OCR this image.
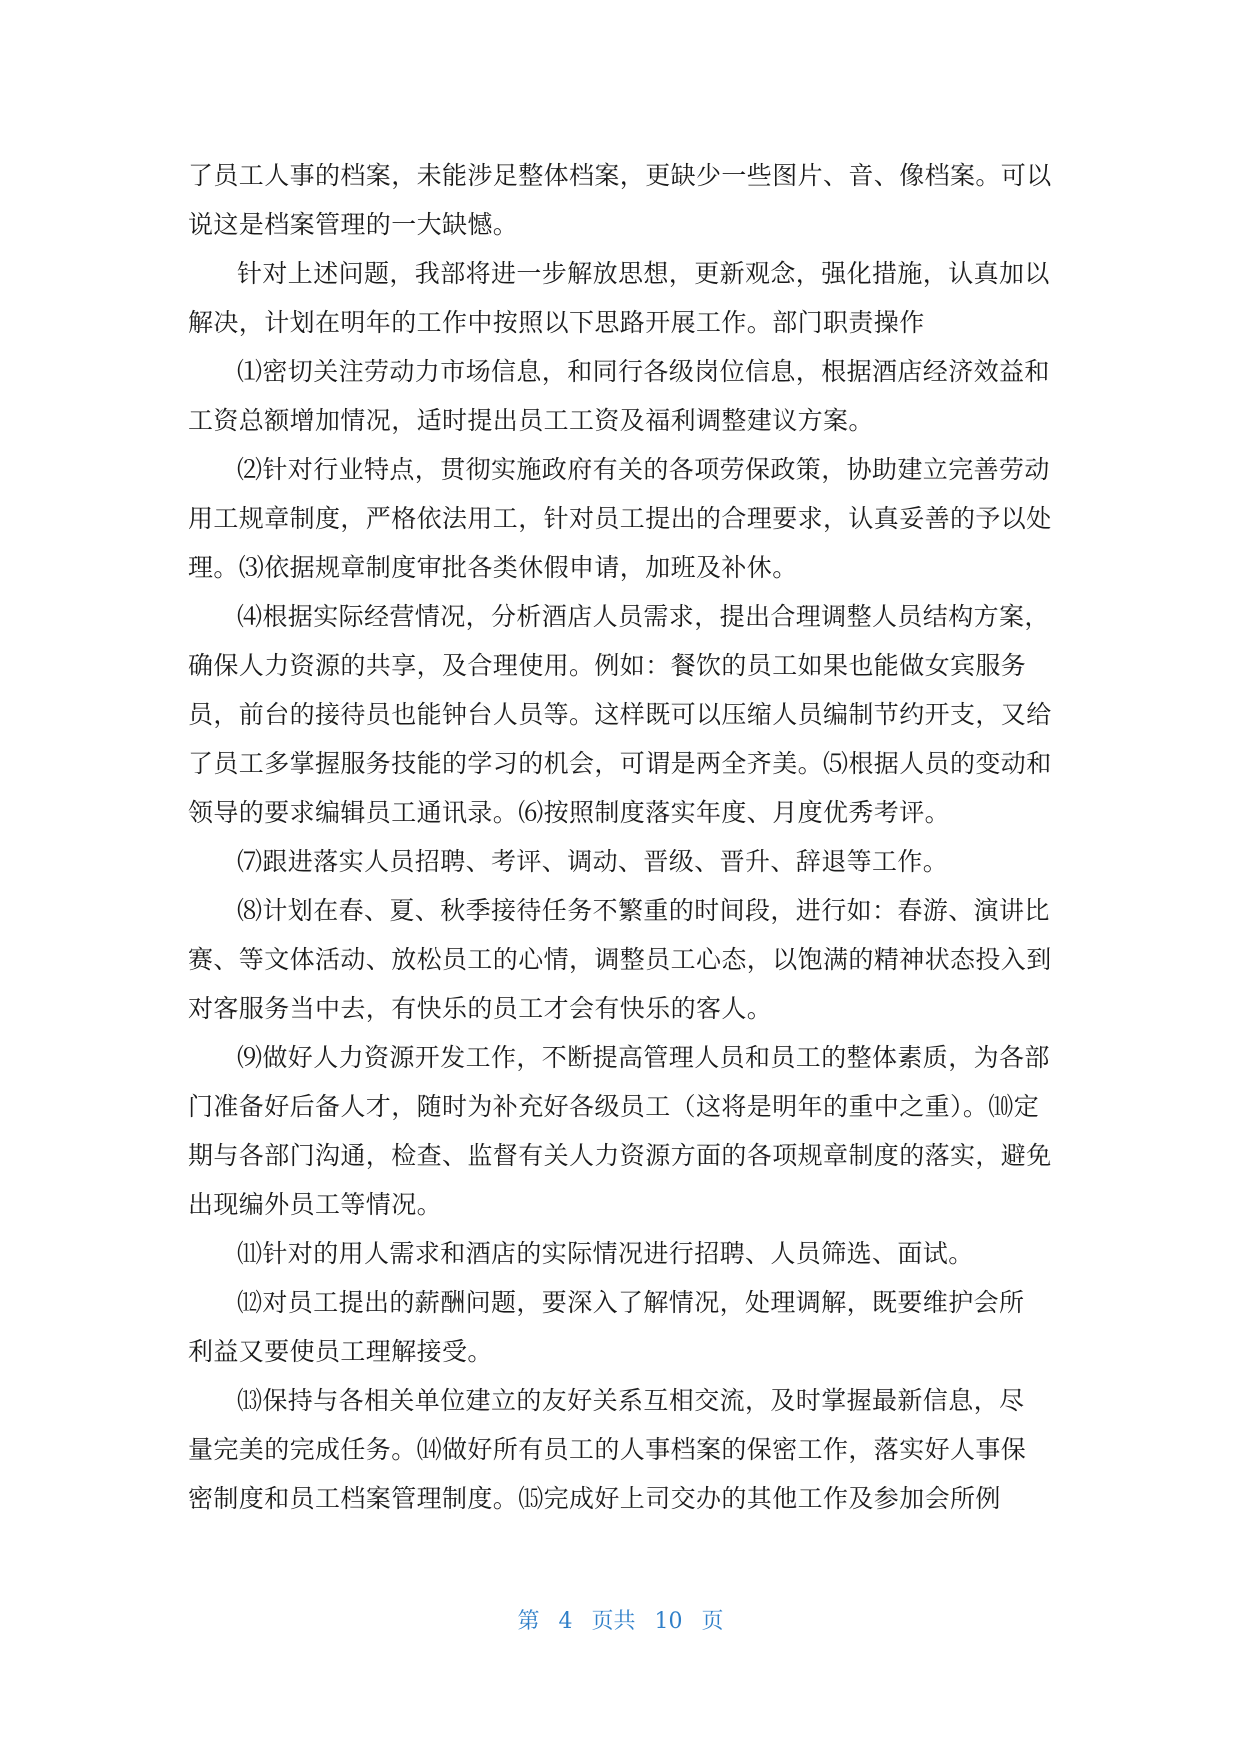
了员工人事的档案，未能涉足整体档案，更缺少一些图片、音、像档案。可以
说这是档案管理的一大缺憾。
针对上述问题，我部将进一步解放思想，更新观念，强化措施，认真加以
解决，计划在明年的工作中按照以下思路开展工作。部门职责操作
⑴密切关注劳动力市场信息，和同行各级岗位信息，根据酒店经济效益和
工资总额增加情况，适时提出员工工资及福利调整建议方案。
⑵针对行业特点，贯彻实施政府有关的各项劳保政策，协助建立完善劳动
用工规章制度，严格依法用工，针对员工提出的合理要求，认真妥善的予以处
理。⑶依据规章制度审批各类休假申请，加班及补休。
⑷根据实际经营情况，分析酒店人员需求，提出合理调整人员结构方案，
确保人力资源的共享，及合理使用。例如：餐饮的员工如果也能做女宾服务
员，前台的接待员也能钟台人员等。这样既可以压缩人员编制节约开支，又给
了员工多掌握服务技能的学习的机会，可谓是两全齐美。⑸根据人员的变动和
领导的要求编辑员工通讯录。⑹按照制度落实年度、月度优秀考评。
⑺跟进落实人员招聘、考评、调动、晋级、晋升、辞退等工作。
⑻计划在春、夏、秋季接待任务不繁重的时间段，进行如：春游、演讲比
赛、等文体活动、放松员工的心情，调整员工心态，以饱满的精神状态投入到
对客服务当中去，有快乐的员工才会有快乐的客人。
⑼做好人力资源开发工作，不断提高管理人员和员工的整体素质，为各部
门准备好后备人才，随时为补充好各级员工（这将是明年的重中之重）。⑽定
期与各部门沟通，检查、监督有关人力资源方面的各项规章制度的落实，避免
出现编外员工等情况。
⑾针对的用人需求和酒店的实际情况进行招聘、人员筛选、面试。
⑿对员工提出的薪酬问题，要深入了解情况，处理调解，既要维护会所
利益又要使员工理解接受。
⒀保持与各相关单位建立的友好关系互相交流，及时掌握最新信息，尽
量完美的完成任务。⒁做好所有员工的人事档案的保密工作，落实好人事保
密制度和员工档案管理制度。⒂完成好上司交办的其他工作及参加会所例
第 4 页共 10 页
